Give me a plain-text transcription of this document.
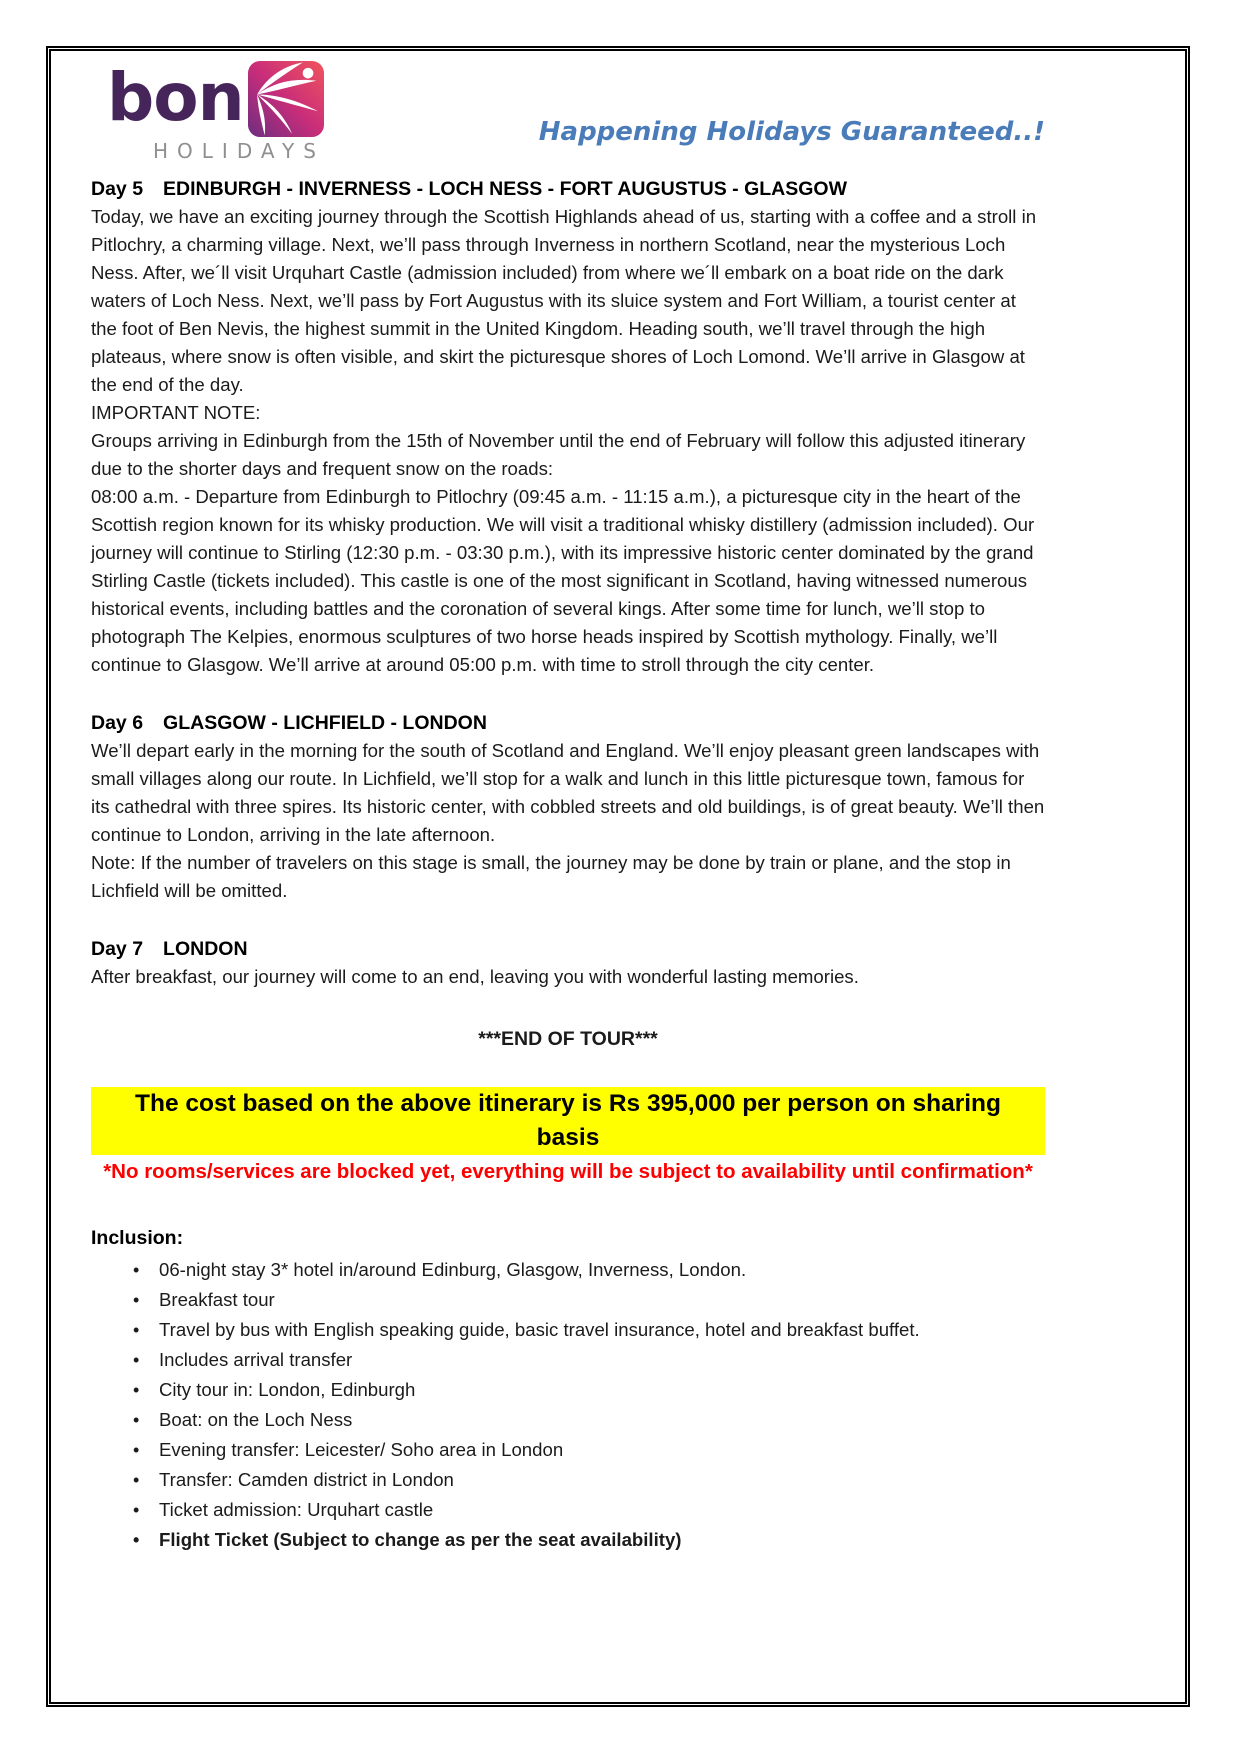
bon
HOLIDAYS
Happening Holidays Guaranteed..!
Day 5 EDINBURGH - INVERNESS - LOCH NESS - FORT AUGUSTUS - GLASGOW

Today, we have an exciting journey through the Scottish Highlands ahead of us, starting with a coffee and a stroll in Pitlochry, a charming village. Next, we’ll pass through Inverness in northern Scotland, near the mysterious Loch Ness. After, we´ll visit Urquhart Castle (admission included) from where we´ll embark on a boat ride on the dark waters of Loch Ness. Next, we’ll pass by Fort Augustus with its sluice system and Fort William, a tourist center at the foot of Ben Nevis, the highest summit in the United Kingdom. Heading south, we’ll travel through the high plateaus, where snow is often visible, and skirt the picturesque shores of Loch Lomond. We’ll arrive in Glasgow at the end of the day.

IMPORTANT NOTE:

Groups arriving in Edinburgh from the 15th of November until the end of February will follow this adjusted itinerary due to the shorter days and frequent snow on the roads:

08:00 a.m. - Departure from Edinburgh to Pitlochry (09:45 a.m. - 11:15 a.m.), a picturesque city in the heart of the Scottish region known for its whisky production. We will visit a traditional whisky distillery (admission included). Our journey will continue to Stirling (12:30 p.m. - 03:30 p.m.), with its impressive historic center dominated by the grand Stirling Castle (tickets included). This castle is one of the most significant in Scotland, having witnessed numerous historical events, including battles and the coronation of several kings. After some time for lunch, we’ll stop to photograph The Kelpies, enormous sculptures of two horse heads inspired by Scottish mythology. Finally, we’ll continue to Glasgow. We’ll arrive at around 05:00 p.m. with time to stroll through the city center.

Day 6 GLASGOW - LICHFIELD - LONDON

We’ll depart early in the morning for the south of Scotland and England. We’ll enjoy pleasant green landscapes with small villages along our route. In Lichfield, we’ll stop for a walk and lunch in this little picturesque town, famous for its cathedral with three spires. Its historic center, with cobbled streets and old buildings, is of great beauty. We’ll then continue to London, arriving in the late afternoon.

Note: If the number of travelers on this stage is small, the journey may be done by train or plane, and the stop in Lichfield will be omitted.

Day 7 LONDON

After breakfast, our journey will come to an end, leaving you with wonderful lasting memories.

***END OF TOUR***
The cost based on the above itinerary is Rs 395,000 per person on sharing basis
*No rooms/services are blocked yet, everything will be subject to availability until confirmation*
Inclusion:
• 06-night stay 3* hotel in/around Edinburg, Glasgow, Inverness, London.
• Breakfast tour
• Travel by bus with English speaking guide, basic travel insurance, hotel and breakfast buffet.
• Includes arrival transfer
• City tour in: London, Edinburgh
• Boat: on the Loch Ness
• Evening transfer: Leicester/ Soho area in London
• Transfer: Camden district in London
• Ticket admission: Urquhart castle
• Flight Ticket (Subject to change as per the seat availability)
